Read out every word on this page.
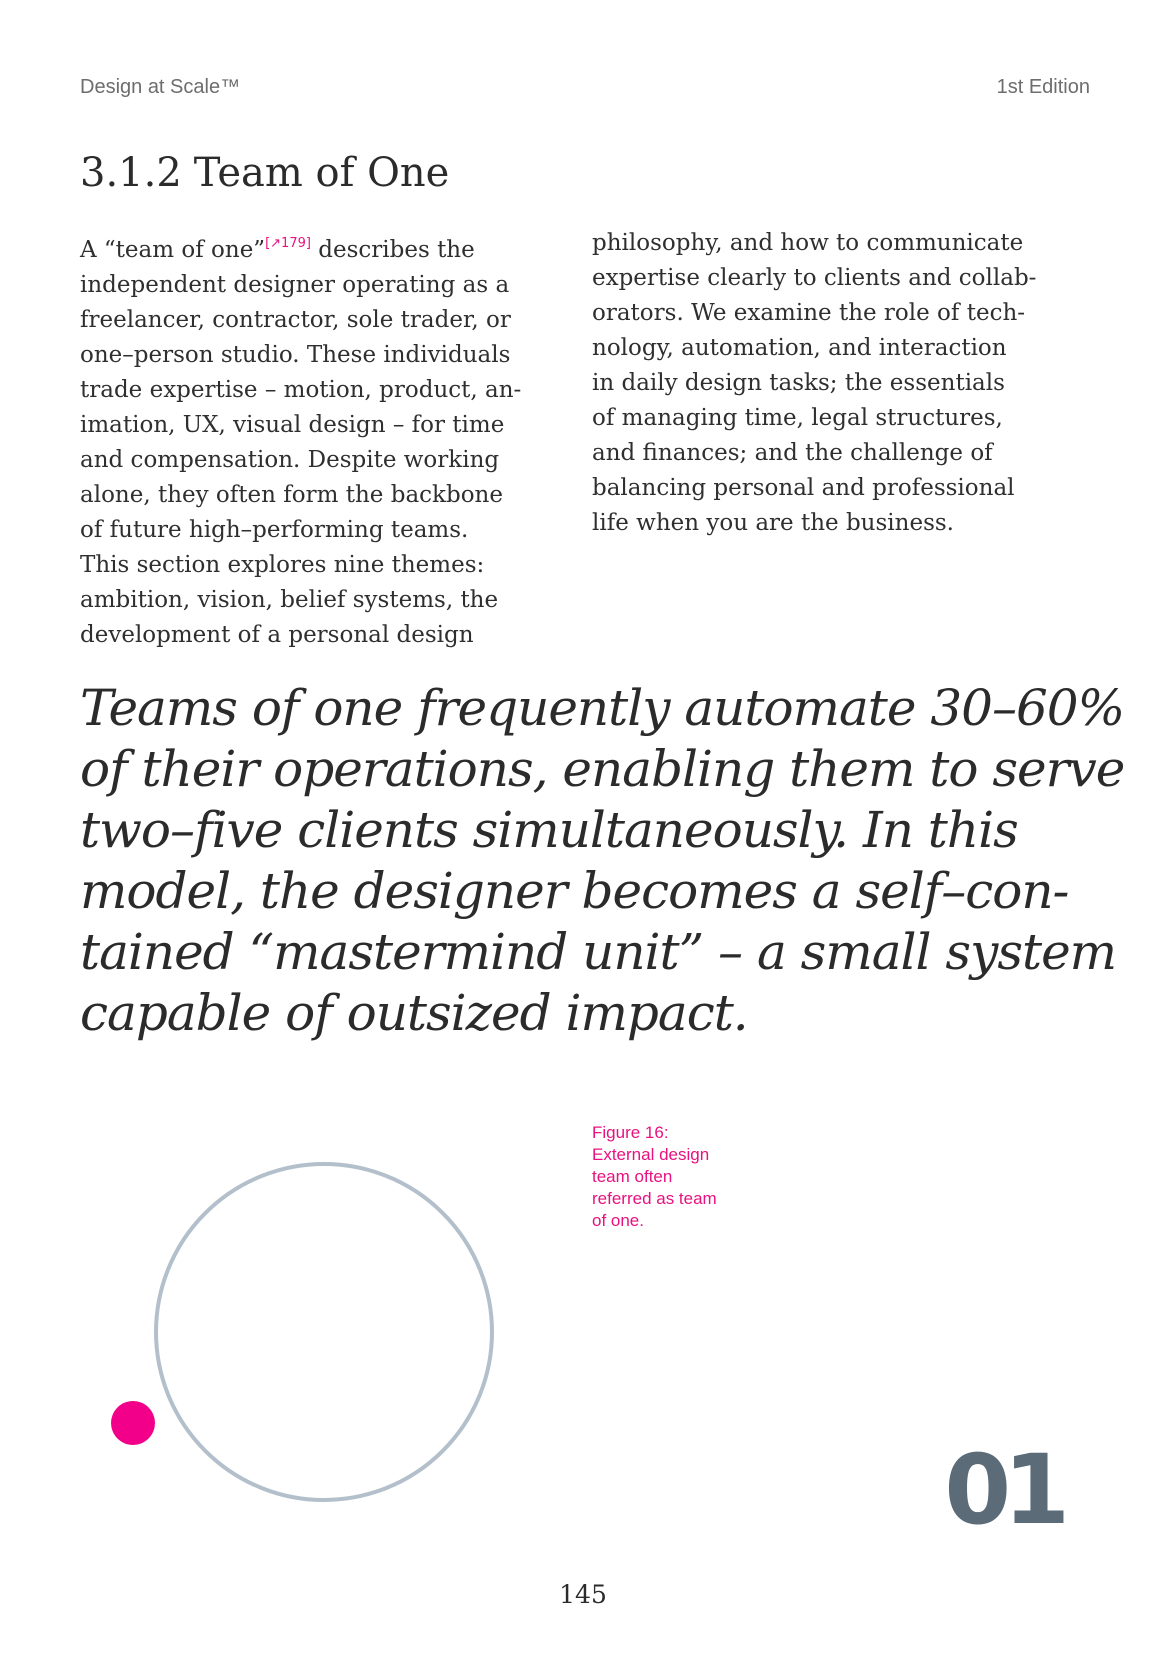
Design at Scale™	1st Edition
3.1.2 Team of One
A “team of one”[↗179] describes the
independent designer operating as a
freelancer, contractor, sole trader, or
one–person studio. These individuals
trade expertise – motion, product, an-
imation, UX, visual design – for time
and compensation. Despite working
alone, they often form the backbone
of future high–performing teams.
This section explores nine themes:
ambition, vision, belief systems, the
development of a personal design
philosophy, and how to communicate
expertise clearly to clients and collab-
orators. We examine the role of tech-
nology, automation, and interaction
in daily design tasks; the essentials
of managing time, legal structures,
and finances; and the challenge of
balancing personal and professional
life when you are the business.
Teams of one frequently automate 30–60%
of their operations, enabling them to serve
two–five clients simultaneously. In this
model, the designer becomes a self–con-
tained “mastermind unit” – a small system
capable of outsized impact.
Figure 16:
External design
team often
referred as team
of one.
01
145
